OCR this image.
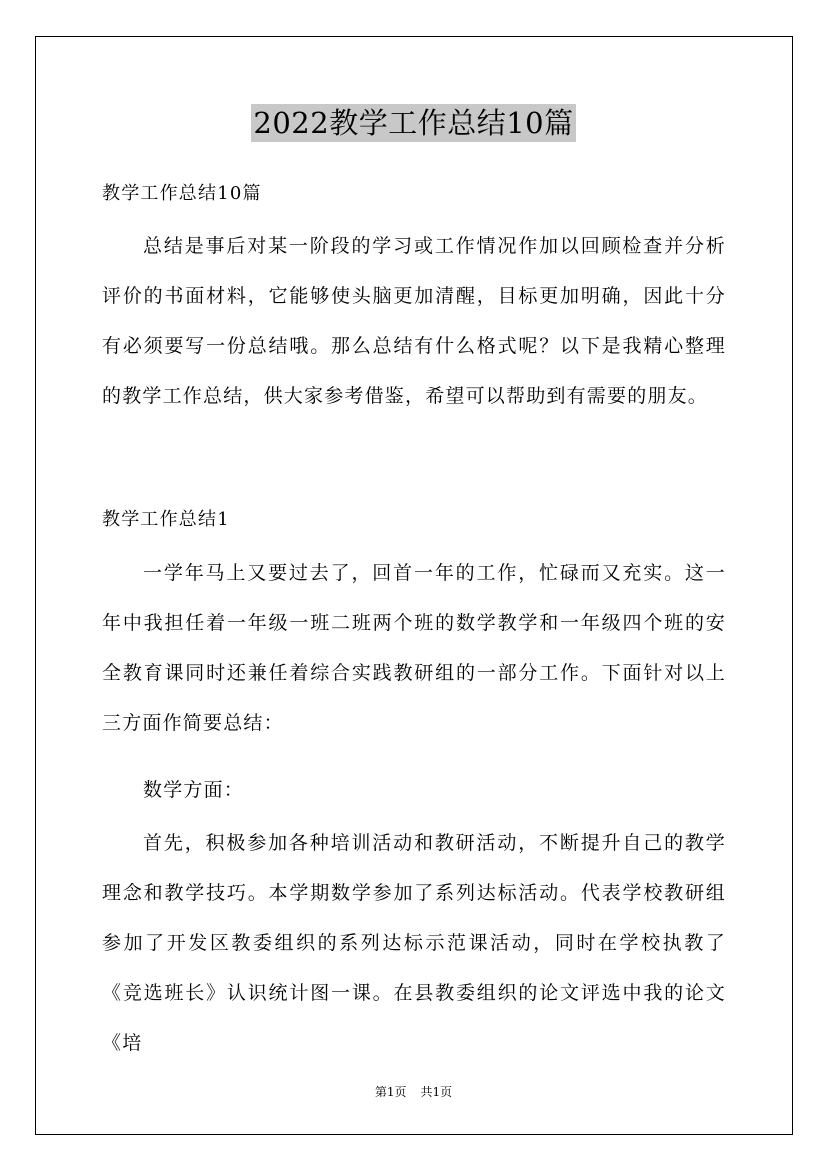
2022教学工作总结10篇

教学工作总结10篇

总结是事后对某一阶段的学习或工作情况作加以回顾检查并分析评价的书面材料，它能够使头脑更加清醒，目标更加明确，因此十分有必须要写一份总结哦。那么总结有什么格式呢？以下是我精心整理的教学工作总结，供大家参考借鉴，希望可以帮助到有需要的朋友。

教学工作总结1

一学年马上又要过去了，回首一年的工作，忙碌而又充实。这一年中我担任着一年级一班二班两个班的数学教学和一年级四个班的安全教育课同时还兼任着综合实践教研组的一部分工作。下面针对以上三方面作简要总结：

数学方面：

首先，积极参加各种培训活动和教研活动，不断提升自己的教学理念和教学技巧。本学期数学参加了系列达标活动。代表学校教研组参加了开发区教委组织的系列达标示范课活动，同时在学校执教了《竞选班长》认识统计图一课。在县教委组织的论文评选中我的论文《培

第1页 共1页
